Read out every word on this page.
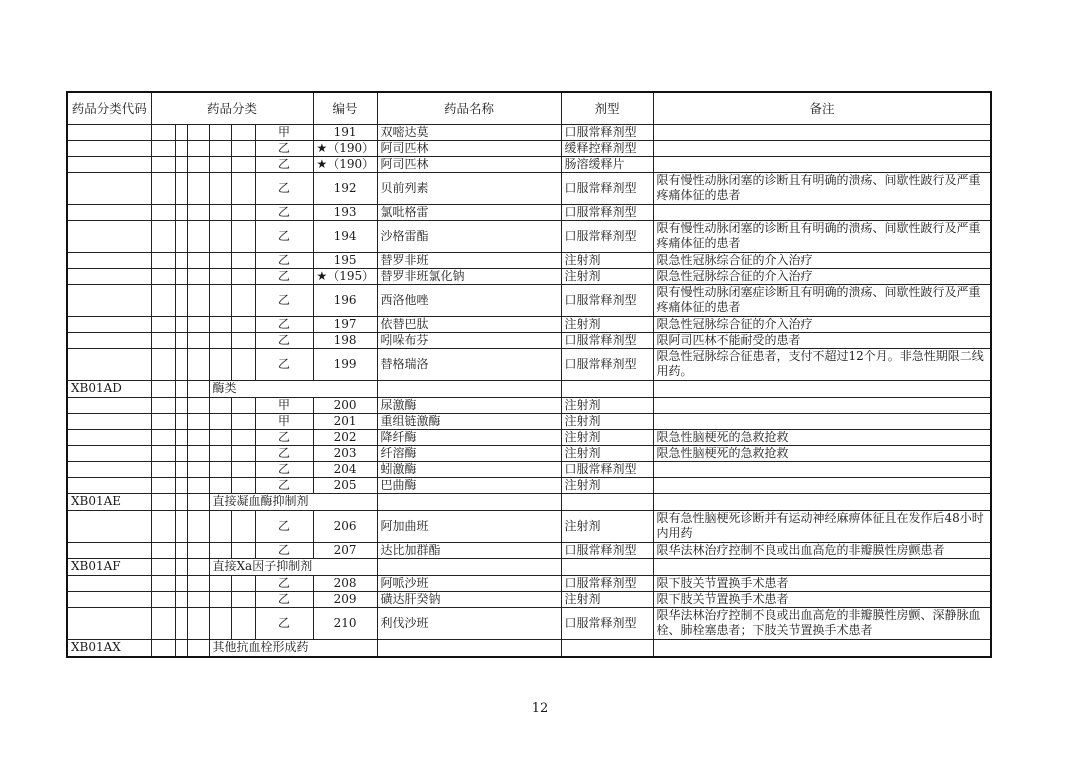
药品分类代码	药品分类						编号	药品名称	剂型	备注	
						甲	191	双嘧达莫	口服常释剂型		
						乙	★（190）	阿司匹林	缓释控释剂型		
						乙	★（190）	阿司匹林	肠溶缓释片		
						乙	192	贝前列素	口服常释剂型	限有慢性动脉闭塞的诊断且有明确的溃疡、间歇性跛行及严重疼痛体征的患者	
						乙	193	氯吡格雷	口服常释剂型		
						乙	194	沙格雷酯	口服常释剂型	限有慢性动脉闭塞的诊断且有明确的溃疡、间歇性跛行及严重疼痛体征的患者	
						乙	195	替罗非班	注射剂	限急性冠脉综合征的介入治疗	
						乙	★（195）	替罗非班氯化钠	注射剂	限急性冠脉综合征的介入治疗	
						乙	196	西洛他唑	口服常释剂型	限有慢性动脉闭塞症诊断且有明确的溃疡、间歇性跛行及严重疼痛体征的患者	
						乙	197	依替巴肽	注射剂	限急性冠脉综合征的介入治疗	
						乙	198	吲哚布芬	口服常释剂型	限阿司匹林不能耐受的患者	
						乙	199	替格瑞洛	口服常释剂型	限急性冠脉综合征患者，支付不超过12个月。非急性期限二线用药。	
XB01AD				酶类							
						甲	200	尿激酶	注射剂		
						甲	201	重组链激酶	注射剂		
						乙	202	降纤酶	注射剂	限急性脑梗死的急救抢救	
						乙	203	纤溶酶	注射剂	限急性脑梗死的急救抢救	
						乙	204	蚓激酶	口服常释剂型		
						乙	205	巴曲酶	注射剂		
XB01AE				直接凝血酶抑制剂							
						乙	206	阿加曲班	注射剂	限有急性脑梗死诊断并有运动神经麻痹体征且在发作后48小时内用药	
						乙	207	达比加群酯	口服常释剂型	限华法林治疗控制不良或出血高危的非瓣膜性房颤患者	
XB01AF				直接Xa因子抑制剂							
						乙	208	阿哌沙班	口服常释剂型	限下肢关节置换手术患者	
						乙	209	磺达肝癸钠	注射剂	限下肢关节置换手术患者	
						乙	210	利伐沙班	口服常释剂型	限华法林治疗控制不良或出血高危的非瓣膜性房颤、深静脉血栓、肺栓塞患者；下肢关节置换手术患者	
XB01AX				其他抗血栓形成药							
12
